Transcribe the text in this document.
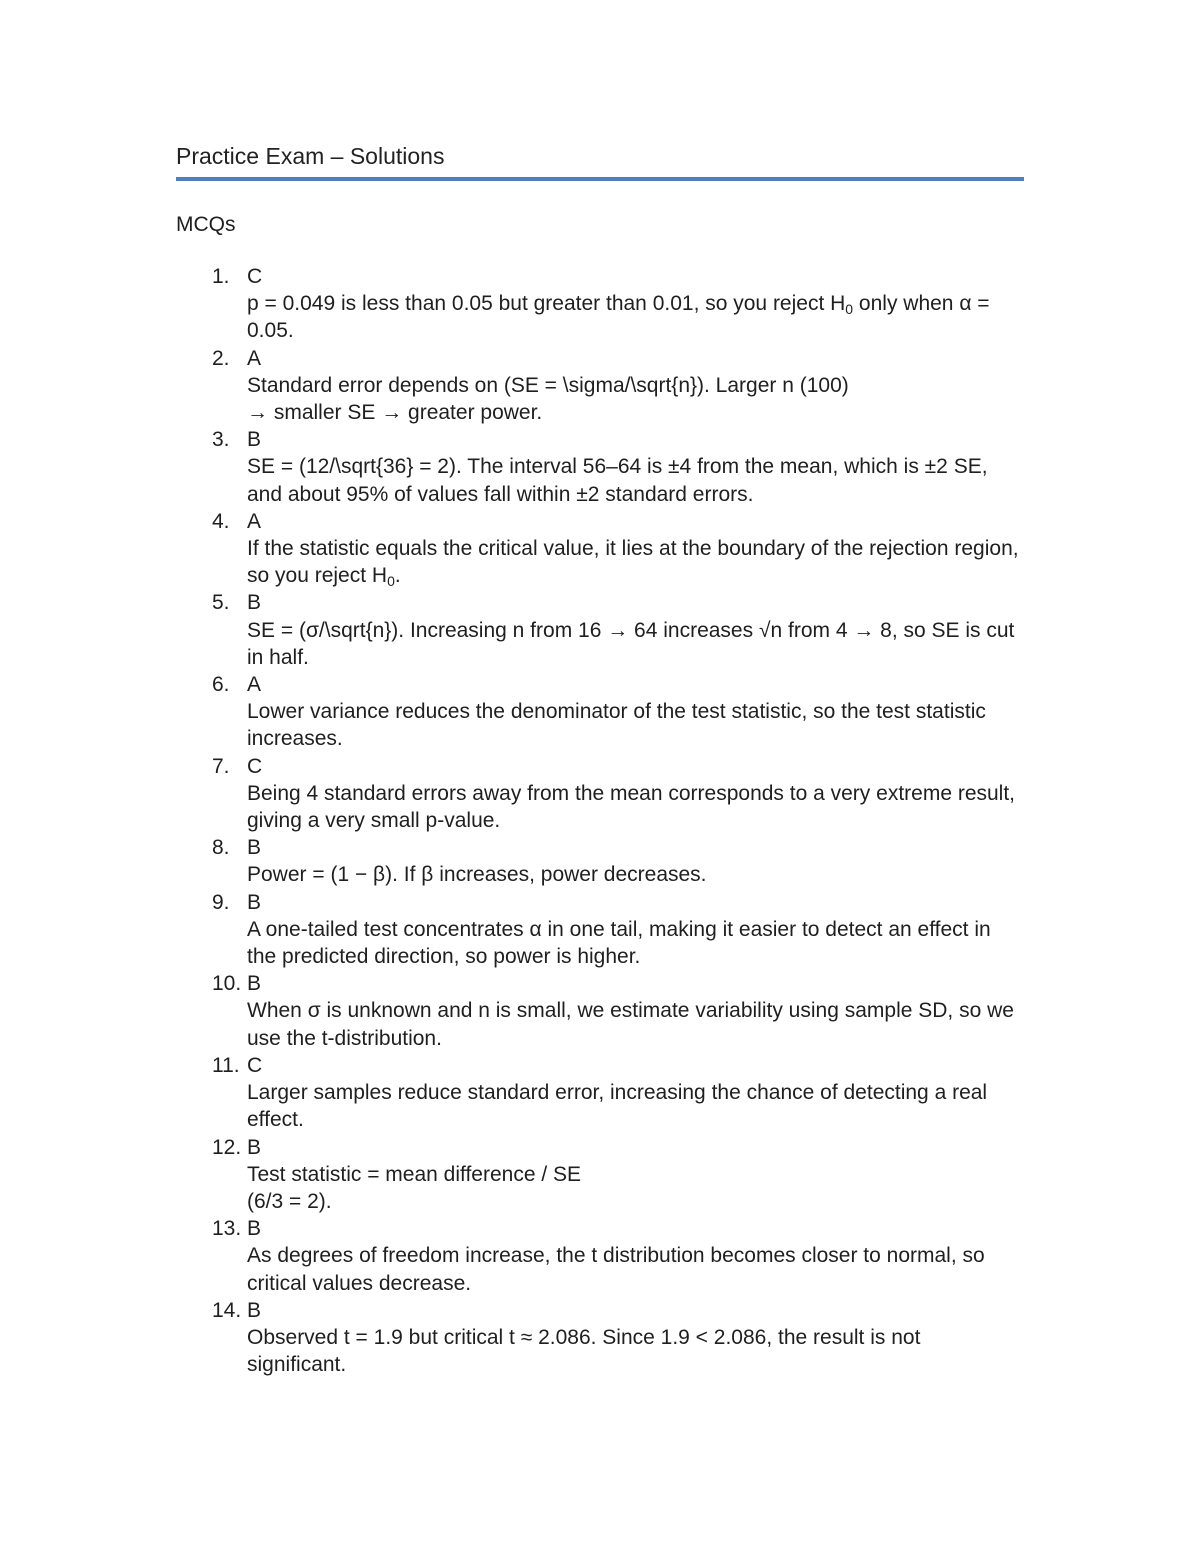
Practice Exam – Solutions
MCQs
1. C
p = 0.049 is less than 0.05 but greater than 0.01, so you reject $H_0$ only when α = 0.05.
2. A
Standard error depends on (SE = \sigma/\sqrt{n}). Larger n (100)
→ smaller SE → greater power.
3. B
SE = (12/\sqrt{36} = 2). The interval 56–64 is ±4 from the mean, which is ±2 SE, and about 95% of values fall within ±2 standard errors.
4. A
If the statistic equals the critical value, it lies at the boundary of the rejection region, so you reject $H_0$.
5. B
SE = (σ/\sqrt{n}). Increasing n from 16 → 64 increases √n from 4 → 8, so SE is cut in half.
6. A
Lower variance reduces the denominator of the test statistic, so the test statistic increases.
7. C
Being 4 standard errors away from the mean corresponds to a very extreme result, giving a very small p-value.
8. B
Power = (1 − β). If β increases, power decreases.
9. B
A one-tailed test concentrates α in one tail, making it easier to detect an effect in the predicted direction, so power is higher.
10. B
When σ is unknown and n is small, we estimate variability using sample SD, so we use the t-distribution.
11. C
Larger samples reduce standard error, increasing the chance of detecting a real effect.
12. B
Test statistic = mean difference / SE
(6/3 = 2).
13. B
As degrees of freedom increase, the t distribution becomes closer to normal, so critical values decrease.
14. B
Observed t = 1.9 but critical t ≈ 2.086. Since 1.9 < 2.086, the result is not significant.
